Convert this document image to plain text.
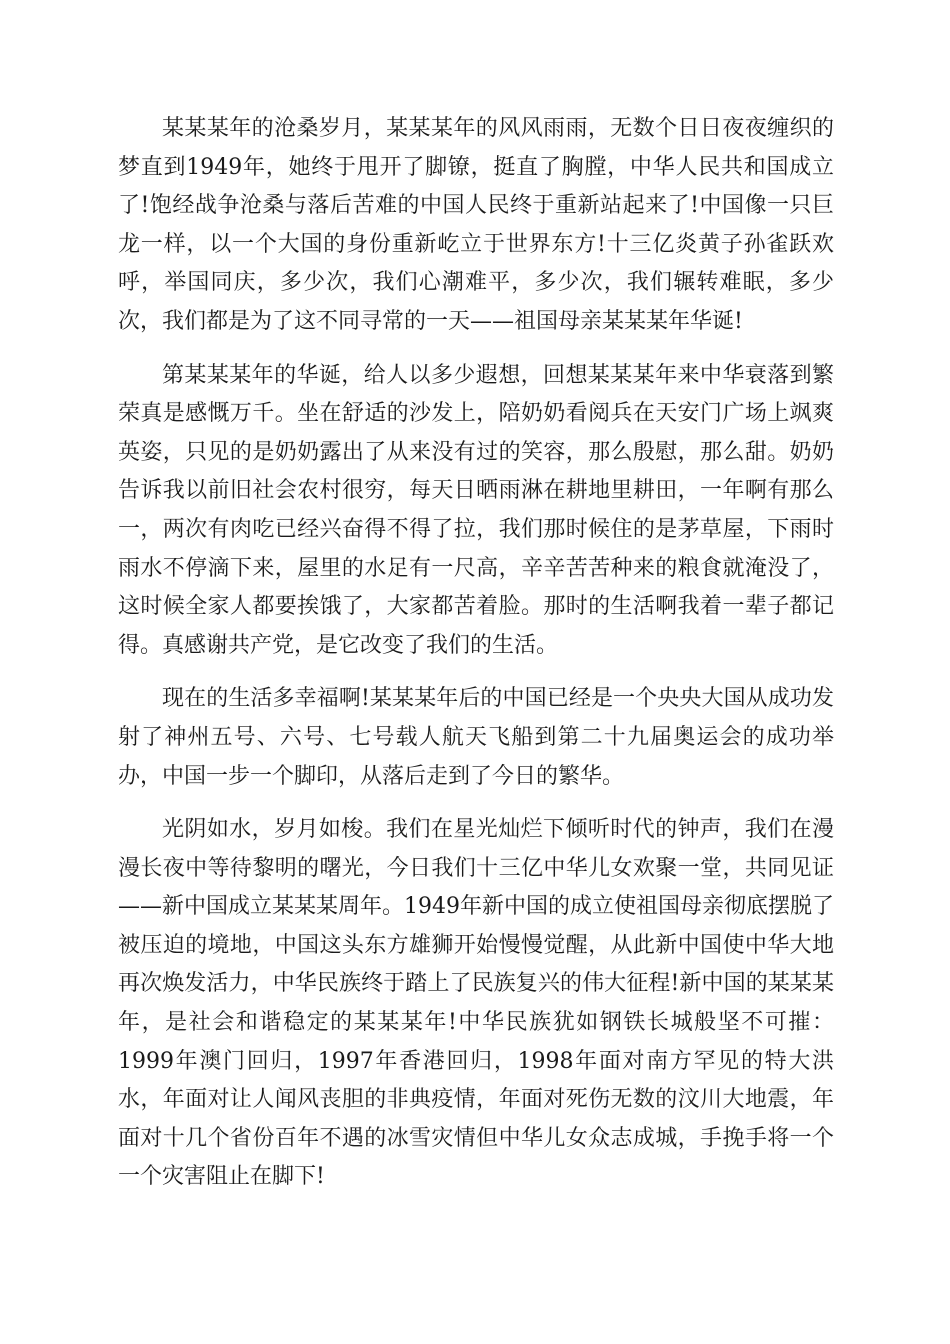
某某某年的沧桑岁月，某某某年的风风雨雨，无数个日日夜夜缠织的梦直到1949年，她终于甩开了脚镣，挺直了胸膛，中华人民共和国成立了!饱经战争沧桑与落后苦难的中国人民终于重新站起来了!中国像一只巨龙一样，以一个大国的身份重新屹立于世界东方!十三亿炎黄子孙雀跃欢呼，举国同庆，多少次，我们心潮难平，多少次，我们辗转难眠，多少次，我们都是为了这不同寻常的一天——祖国母亲某某某年华诞!

第某某某年的华诞，给人以多少遐想，回想某某某年来中华衰落到繁荣真是感慨万千。坐在舒适的沙发上，陪奶奶看阅兵在天安门广场上飒爽英姿，只见的是奶奶露出了从来没有过的笑容，那么殷慰，那么甜。奶奶告诉我以前旧社会农村很穷，每天日晒雨淋在耕地里耕田，一年啊有那么一，两次有肉吃已经兴奋得不得了拉，我们那时候住的是茅草屋，下雨时雨水不停滴下来，屋里的水足有一尺高，辛辛苦苦种来的粮食就淹没了，这时候全家人都要挨饿了，大家都苦着脸。那时的生活啊我着一辈子都记得。真感谢共产党，是它改变了我们的生活。

现在的生活多幸福啊!某某某年后的中国已经是一个央央大国从成功发射了神州五号、六号、七号载人航天飞船到第二十九届奥运会的成功举办，中国一步一个脚印，从落后走到了今日的繁华。

光阴如水，岁月如梭。我们在星光灿烂下倾听时代的钟声，我们在漫漫长夜中等待黎明的曙光，今日我们十三亿中华儿女欢聚一堂，共同见证——新中国成立某某某周年。1949年新中国的成立使祖国母亲彻底摆脱了被压迫的境地，中国这头东方雄狮开始慢慢觉醒，从此新中国使中华大地再次焕发活力，中华民族终于踏上了民族复兴的伟大征程!新中国的某某某年，是社会和谐稳定的某某某年!中华民族犹如钢铁长城般坚不可摧：1999年澳门回归，1997年香港回归，1998年面对南方罕见的特大洪水，年面对让人闻风丧胆的非典疫情，年面对死伤无数的汶川大地震，年面对十几个省份百年不遇的冰雪灾情但中华儿女众志成城，手挽手将一个一个灾害阻止在脚下!
